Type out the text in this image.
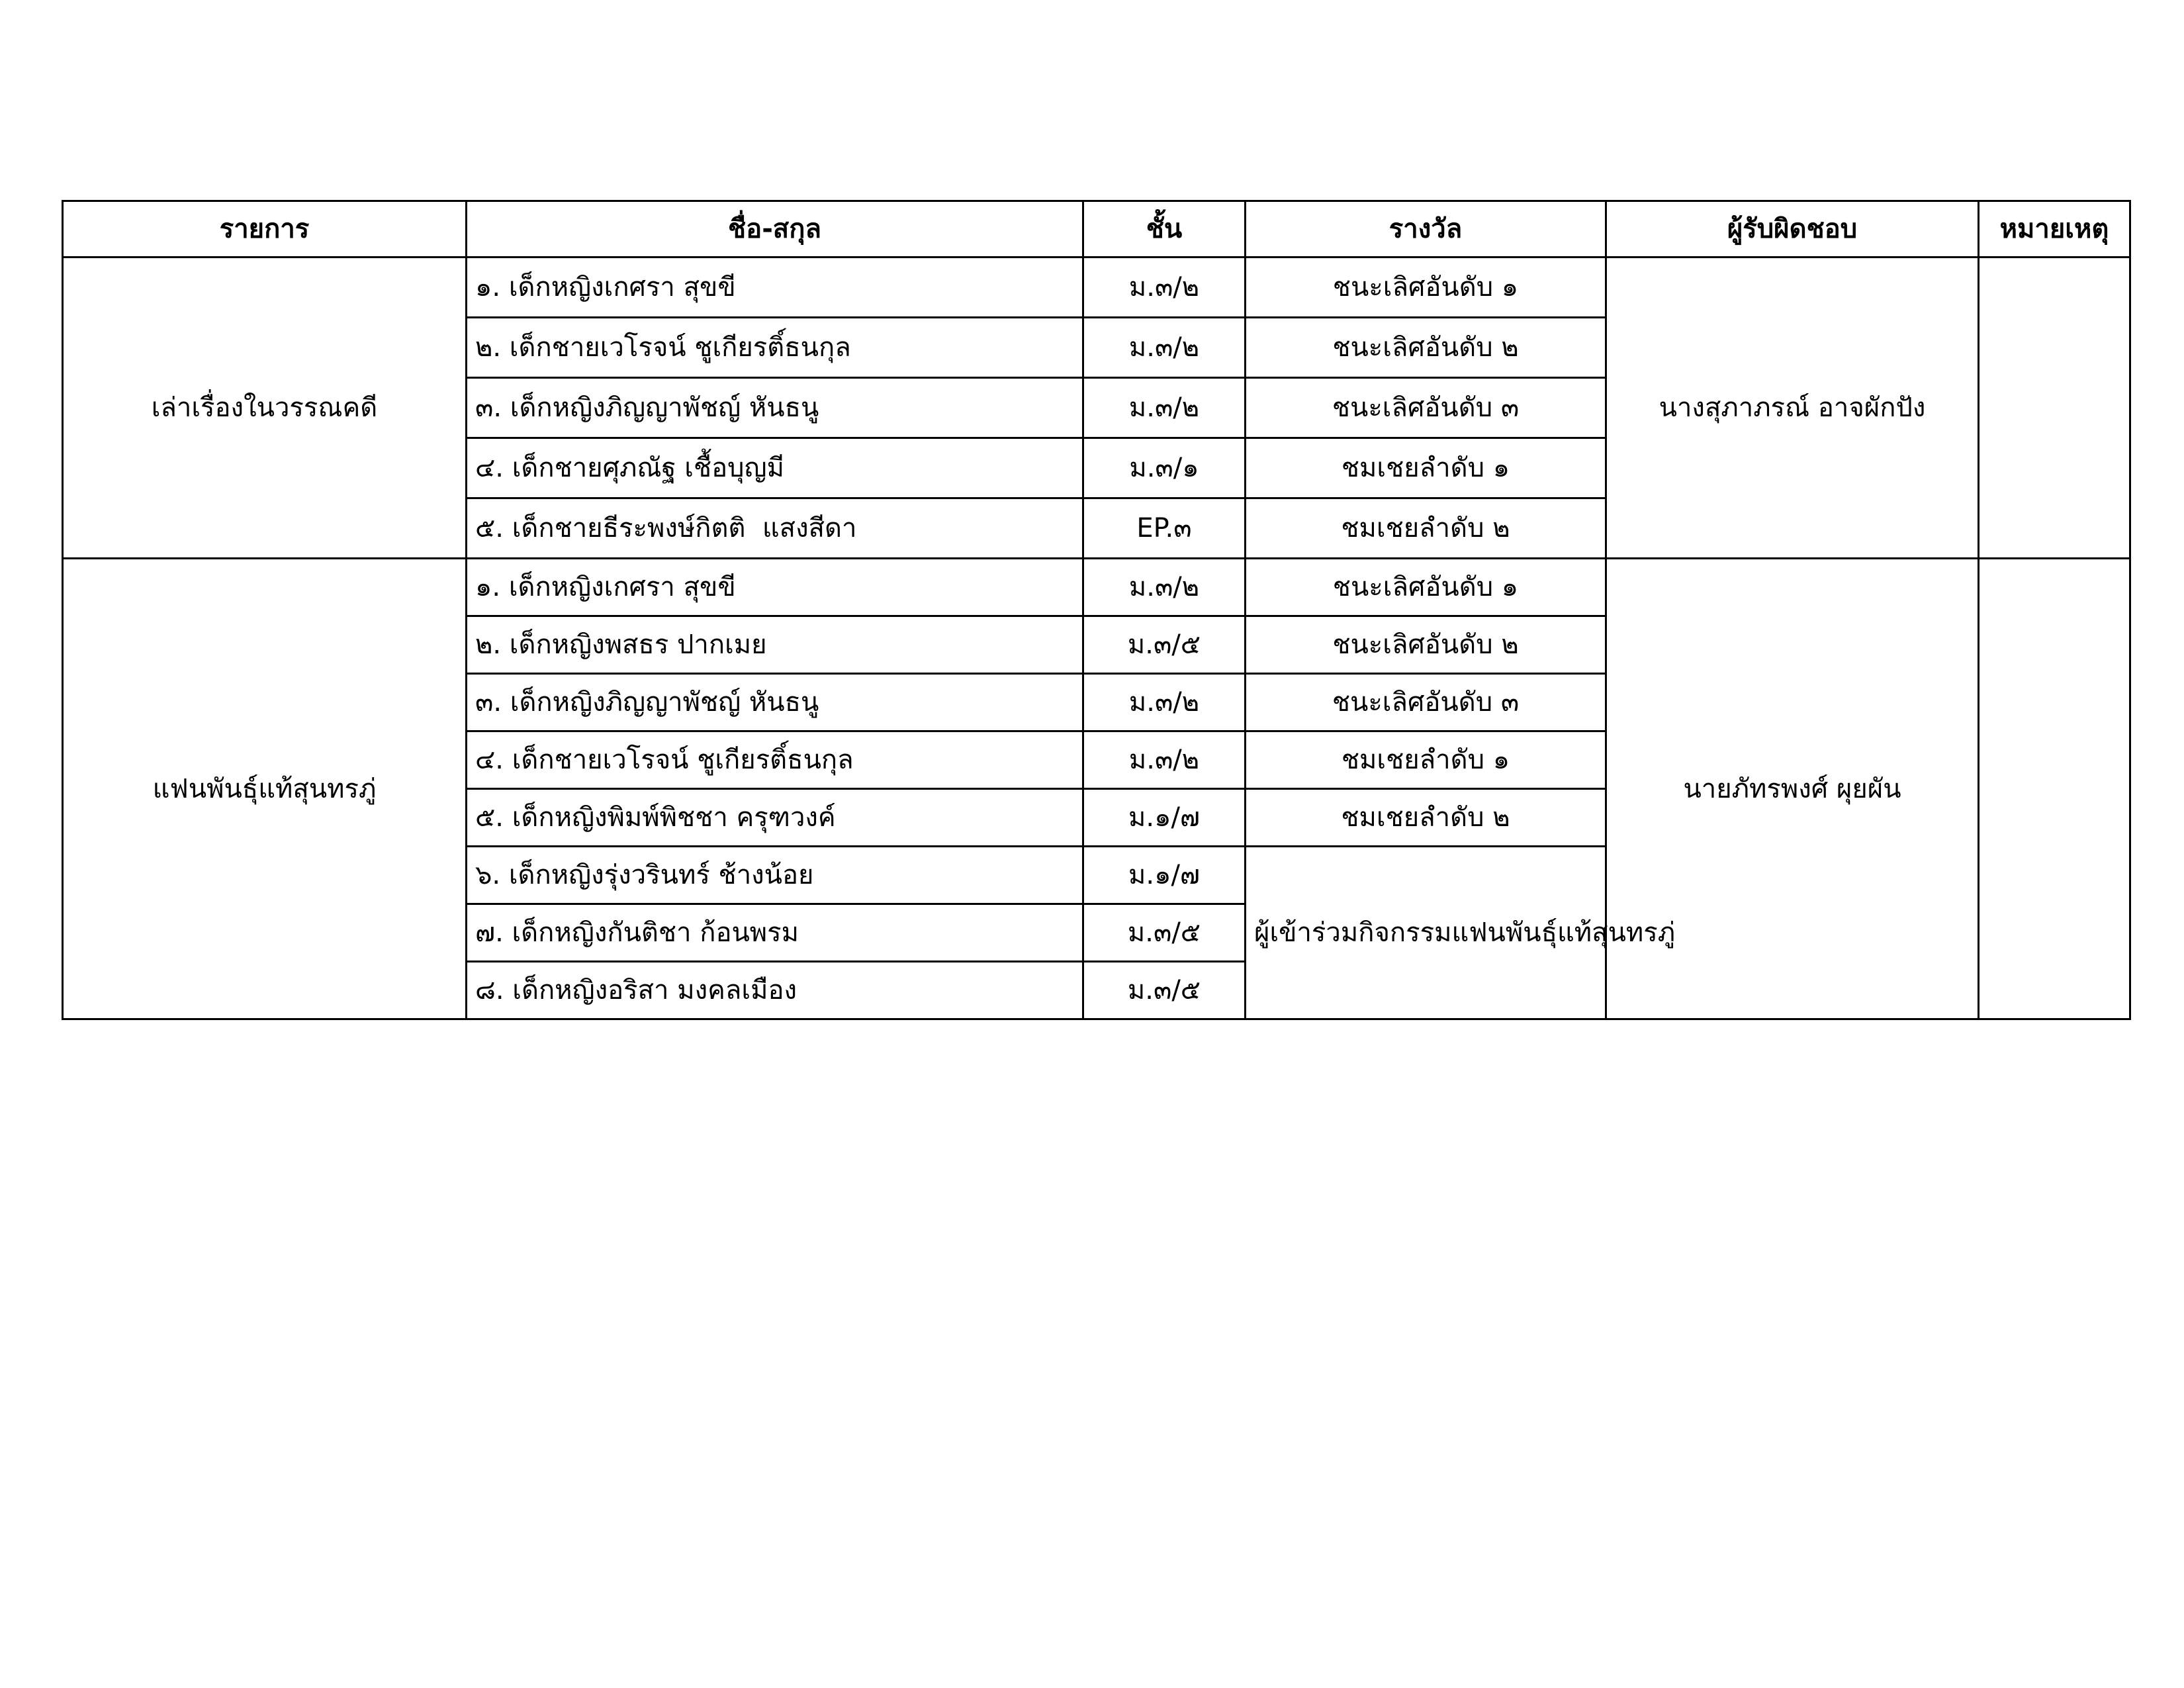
รายการ	ชื่อ-สกุล	ชั้น	รางวัล	ผู้รับผิดชอบ	หมายเหตุ
เล่าเรื่องในวรรณคดี	๑. เด็กหญิงเกศรา สุขขี	ม.๓/๒	ชนะเลิศอันดับ ๑	นางสุภาภรณ์ อาจผักปัง	
	๒. เด็กชายเวโรจน์ ชูเกียรติ์ธนกุล	ม.๓/๒	ชนะเลิศอันดับ ๒		
	๓. เด็กหญิงภิญญาพัชญ์ หันธนู	ม.๓/๒	ชนะเลิศอันดับ ๓		
	๔. เด็กชายศุภณัฐ เชื้อบุญมี	ม.๓/๑	ชมเชยลำดับ ๑		
	๕. เด็กชายธีระพงษ์กิตติ  แสงสีดา	EP.๓	ชมเชยลำดับ ๒		
แฟนพันธุ์แท้สุนทรภู่	๑. เด็กหญิงเกศรา สุขขี	ม.๓/๒	ชนะเลิศอันดับ ๑	นายภัทรพงศ์ ผุยผัน	
	๒. เด็กหญิงพสธร ปากเมย	ม.๓/๕	ชนะเลิศอันดับ ๒		
	๓. เด็กหญิงภิญญาพัชญ์ หันธนู	ม.๓/๒	ชนะเลิศอันดับ ๓		
	๔. เด็กชายเวโรจน์ ชูเกียรติ์ธนกุล	ม.๓/๒	ชมเชยลำดับ ๑		
	๕. เด็กหญิงพิมพ์พิชชา ครุฑวงค์	ม.๑/๗	ชมเชยลำดับ ๒		
	๖. เด็กหญิงรุ่งวรินทร์ ช้างน้อย	ม.๑/๗	ผู้เข้าร่วมกิจกรรมแฟนพันธุ์แท้สุนทรภู่		
	๗. เด็กหญิงกันติชา ก้อนพรม	ม.๓/๕			
	๘. เด็กหญิงอริสา มงคลเมือง	ม.๓/๕			
